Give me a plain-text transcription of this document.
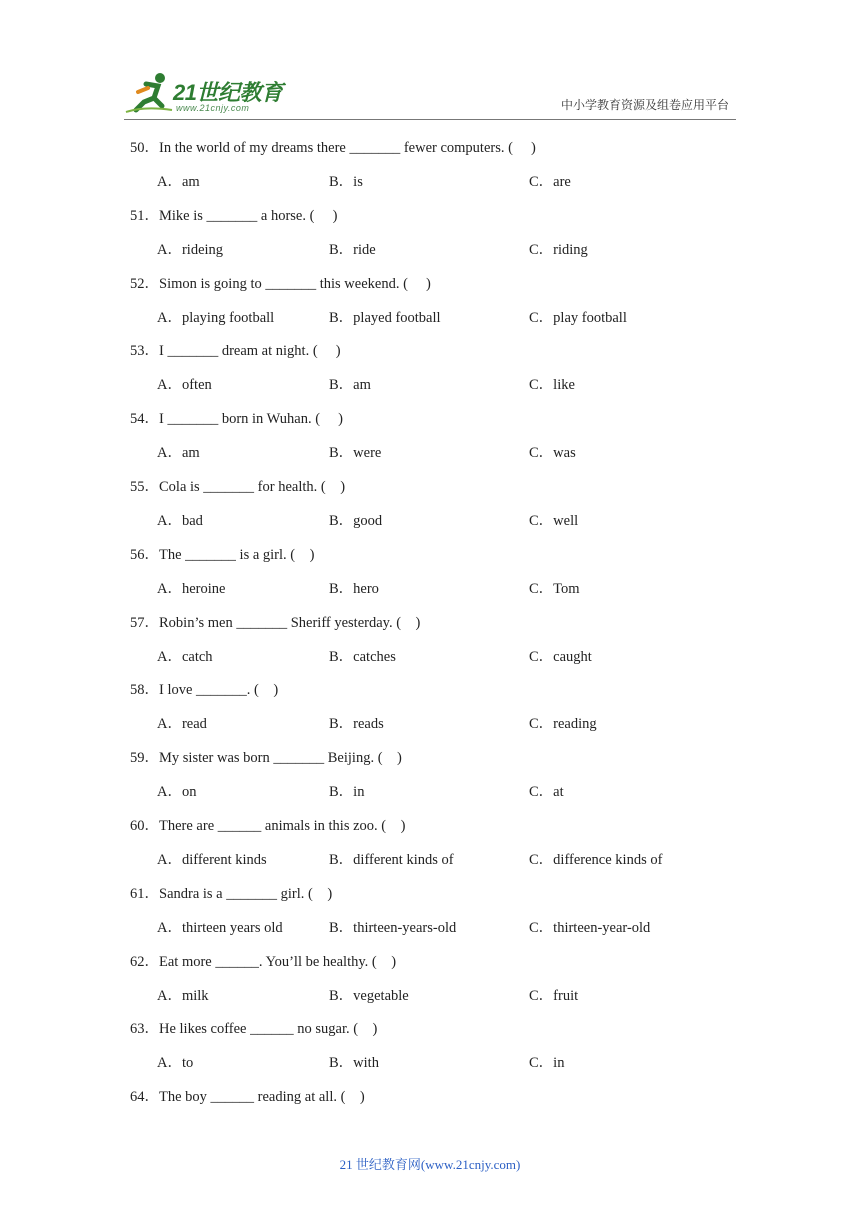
21世纪教育
www.21cnjy.com	中小学教育资源及组卷应用平台
50．In the world of my dreams there _______ fewer computers. (     )
A．am	B．is	C．are
51．Mike is _______ a horse. (     )
A．rideing	B．ride	C．riding
52．Simon is going to _______ this weekend. (     )
A．playing football	B．played football	C．play football
53．I _______ dream at night. (     )
A．often	B．am	C．like
54．I _______ born in Wuhan. (     )
A．am	B．were	C．was
55．Cola is _______ for health. (    )
A．bad	B．good	C．well
56．The _______ is a girl. (    )
A．heroine	B．hero	C．Tom
57．Robin’s men _______ Sheriff yesterday. (    )
A．catch	B．catches	C．caught
58．I love _______. (    )
A．read	B．reads	C．reading
59．My sister was born _______ Beijing. (    )
A．on	B．in	C．at
60．There are ______ animals in this zoo. (    )
A．different kinds	B．different kinds of	C．difference kinds of
61．Sandra is a _______ girl. (    )
A．thirteen years old	B．thirteen-years-old	C．thirteen-year-old
62．Eat more ______. You’ll be healthy. (    )
A．milk	B．vegetable	C．fruit
63．He likes coffee ______ no sugar. (    )
A．to	B．with	C．in
64．The boy ______ reading at all. (    )
21 世纪教育网(www.21cnjy.com)
